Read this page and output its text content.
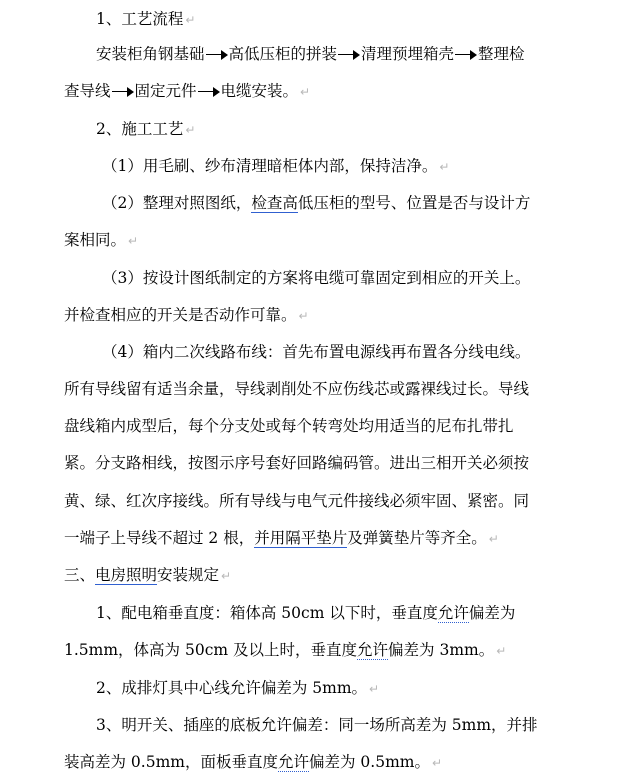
1、工艺流程 ↵
安装柜角钢基础 高低压柜的拼装 清理预埋箱壳 整理检
查导线 固定元件 电缆安装。 ↵
2、施工工艺 ↵
（1）用毛刷、纱布清理暗柜体内部，保持洁净。 ↵
（2）整理对照图纸，检查高低压柜的型号、位置是否与设计方
案相同。 ↵
（3）按设计图纸制定的方案将电缆可靠固定到相应的开关上。
并检查相应的开关是否动作可靠。 ↵
（4）箱内二次线路布线：首先布置电源线再布置各分线电线。
所有导线留有适当余量，导线剥削处不应伤线芯或露裸线过长。导线
盘线箱内成型后，每个分支处或每个转弯处均用适当的尼布扎带扎
紧。分支路相线，按图示序号套好回路编码管。进出三相开关必须按
黄、绿、红次序接线。所有导线与电气元件接线必须牢固、紧密。同
一端子上导线不超过 2 根，并用隔平垫片及弹簧垫片等齐全。 ↵
三、电房照明安装规定 ↵
1、配电箱垂直度：箱体高 50cm 以下时，垂直度允许偏差为
1.5mm，体高为 50cm 及以上时，垂直度允许偏差为 3mm。 ↵
2、成排灯具中心线允许偏差为 5mm。 ↵
3、明开关、插座的底板允许偏差：同一场所高差为 5mm，并排
装高差为 0.5mm，面板垂直度允许偏差为 0.5mm。 ↵
